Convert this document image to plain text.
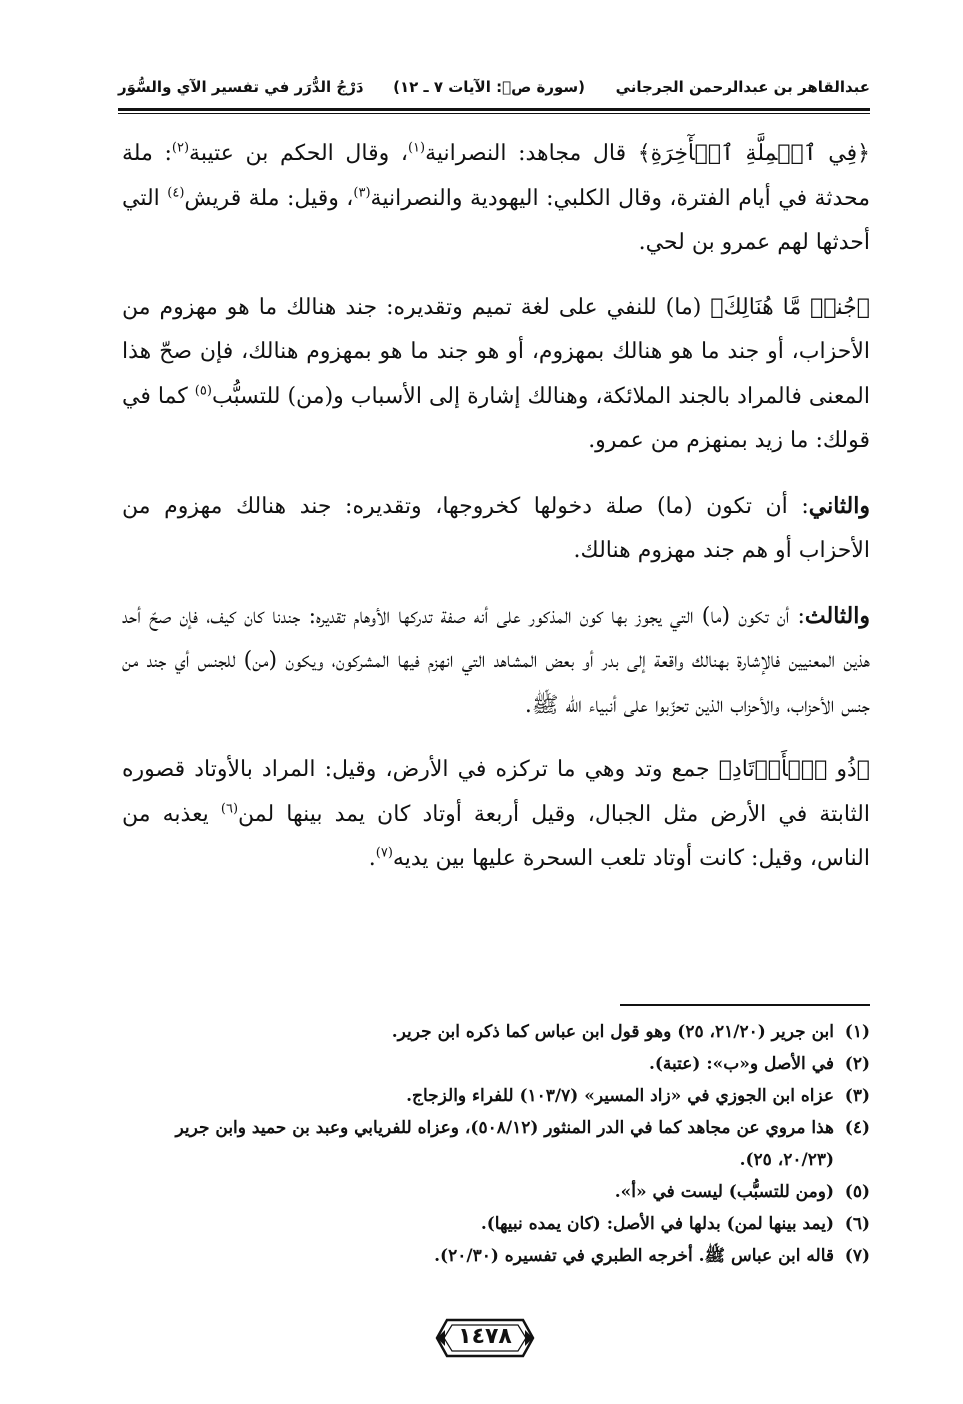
عبدالقاهر بن عبدالرحمن الجرجاني
(سورة صۤ: الآيات ٧ ـ ١٢)
دَرْجُ الدُّرَر في تفسير الآي والسُّوَر

﴿فِي ٱلۡمِلَّةِ ٱلۡأٓخِرَةِ﴾ قال مجاهد: النصرانية$^{(١)}$، وقال الحكم بن عتيبة$^{(٢)}$: ملة محدثة في أيام الفترة، وقال الكلبي: اليهودية والنصرانية$^{(٣)}$، وقيل: ملة قريش$^{(٤)}$ التي أحدثها لهم عمرو بن لحي.

﴿جُندٞ مَّا هُنَالِكَ﴾ (ما) للنفي على لغة تميم وتقديره: جند هنالك ما هو مهزوم من الأحزاب، أو جند ما هو هنالك بمهزوم، أو هو جند ما هو بمهزوم هنالك، فإن صحّ هذا المعنى فالمراد بالجند الملائكة، وهنالك إشارة إلى الأسباب و(من) للتسبُّب$^{(٥)}$ كما في قولك: ما زيد بمنهزم من عمرو.

والثاني: أن تكون (ما) صلة دخولها كخروجها، وتقديره: جند هنالك مهزوم من الأحزاب أو هم جند مهزوم هنالك.

والثالث: أن تكون (ما) التي يجوز بها كون المذكور على أنه صفة تدركها الأوهام تقديره: جندنا كان كيف، فإن صحّ أحد هذين المعنيين فالإشارة بهنالك واقعة إلى بدر أو بعض المشاهد التي انهزم فيها المشركون، ويكون (من) للجنس أي جند من جنس الأحزاب، والأحزاب الذين تحزّبوا على أنبياء الله ﷺ.

﴿ذُو ٱلۡأَوۡتَادِ﴾ جمع وتد وهي ما تركزه في الأرض، وقيل: المراد بالأوتاد قصوره الثابتة في الأرض مثل الجبال، وقيل أربعة أوتاد كان يمد بينها لمن$^{(٦)}$ يعذبه من الناس، وقيل: كانت أوتاد تلعب السحرة عليها بين يديه$^{(٧)}$.

(١)
ابن جرير (٢١/٢٠، ٢٥) وهو قول ابن عباس كما ذكره ابن جرير.
(٢)
في الأصل و«ب»: (عتبة).
(٣)
عزاه ابن الجوزي في «زاد المسير» (١٠٣/٧) للفراء والزجاج.
(٤)
هذا مروي عن مجاهد كما في الدر المنثور (٥٠٨/١٢)، وعزاه للفريابي وعبد بن حميد وابن جرير (٢٠/٢٣، ٢٥).
(٥)
(ومن للتسبُّب) ليست في «أ».
(٦)
(يمد بينها لمن) بدلها في الأصل: (كان يمده نبيها).
(٧)
قاله ابن عباس ﷺ. أخرجه الطبري في تفسيره (٢٠/٣٠).
١٤٧٨
